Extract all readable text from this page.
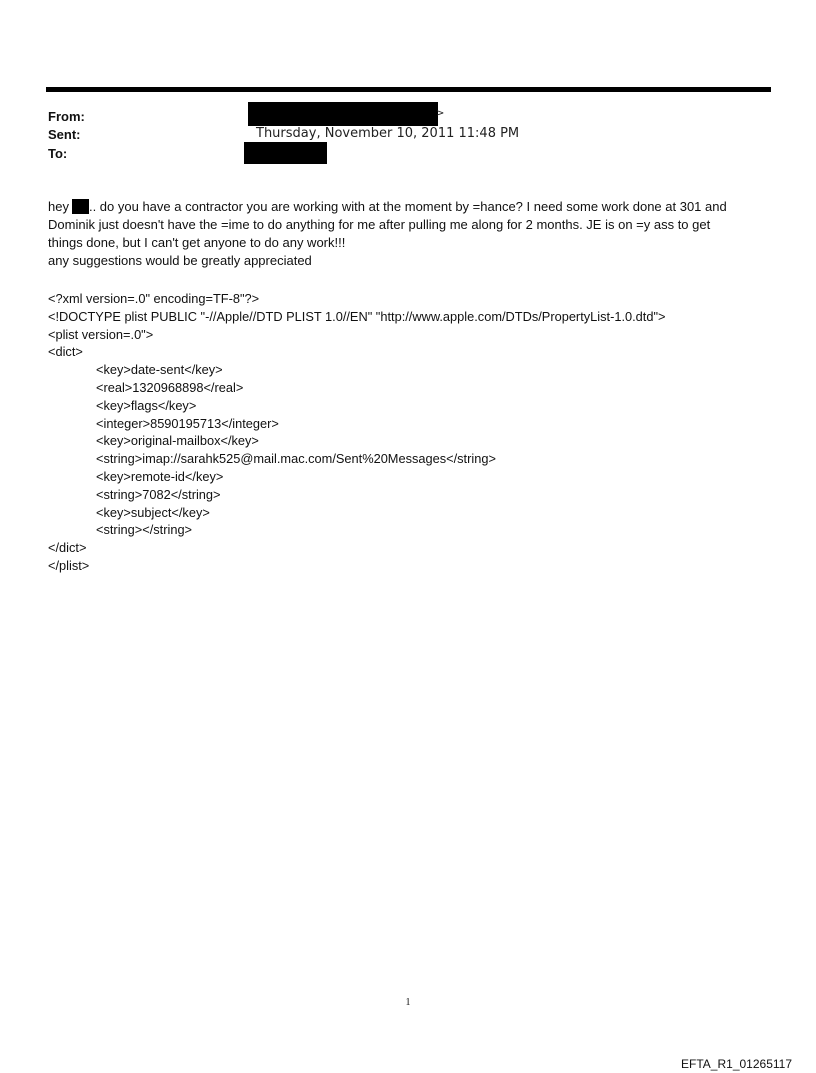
From:	>
Sent:	Thursday, November 10, 2011 11:48 PM
To:

hey .. do you have a contractor you are working with at the moment by =hance? I need some work done at 301 and

Dominik just doesn't have the =ime to do anything for me after pulling me along for 2 months. JE is on =y ass to get

things done, but I can't get anyone to do any work!!!

any suggestions would be greatly appreciated

<?xml version=.0" encoding=TF-8"?>

<!DOCTYPE plist PUBLIC "-//Apple//DTD PLIST 1.0//EN" "http://www.apple.com/DTDs/PropertyList-1.0.dtd">

<plist version=.0">

<dict>

<key>date-sent</key>

<real>1320968898</real>

<key>flags</key>

<integer>8590195713</integer>

<key>original-mailbox</key>

<string>imap://sarahk525@mail.mac.com/Sent%20Messages</string>

<key>remote-id</key>

<string>7082</string>

<key>subject</key>

<string></string>

</dict>

</plist>

1
EFTA_R1_01265117
